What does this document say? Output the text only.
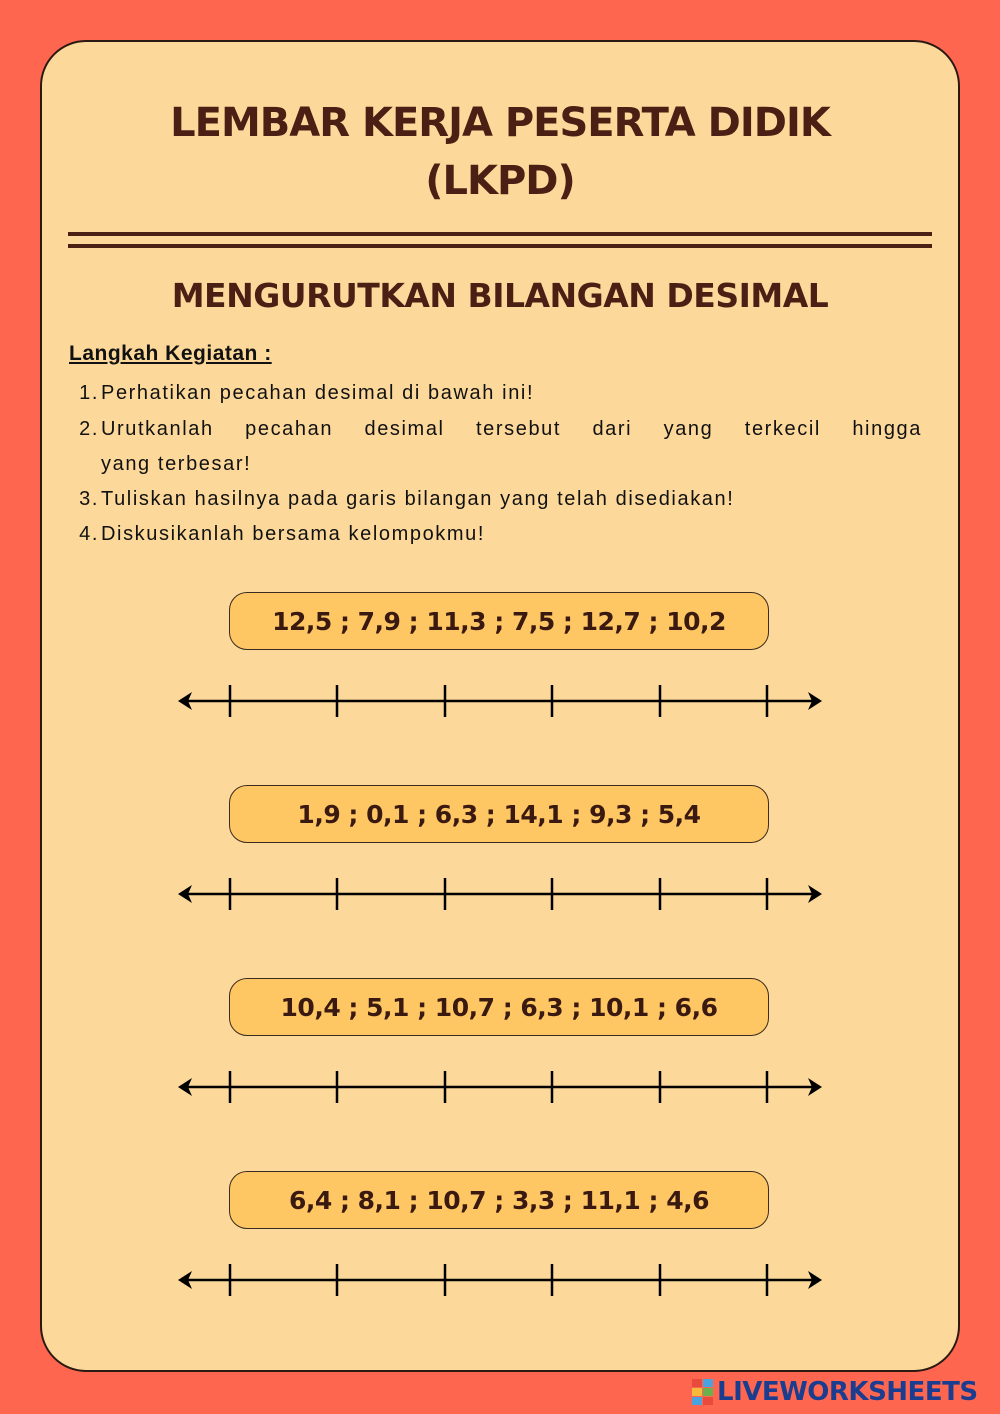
LEMBAR KERJA PESERTA DIDIK
(LKPD)
MENGURUTKAN BILANGAN DESIMAL
Langkah Kegiatan :
1. Perhatikan pecahan desimal di bawah ini!
2. Urutkanlah pecahan desimal tersebut dari yang terkecil hingga
yang terbesar!
3. Tuliskan hasilnya pada garis bilangan yang telah disediakan!
4. Diskusikanlah bersama kelompokmu!
12,5 ; 7,9 ; 11,3 ; 7,5 ; 12,7 ; 10,2
1,9 ; 0,1 ; 6,3 ; 14,1 ; 9,3 ; 5,4
10,4 ; 5,1 ; 10,7 ; 6,3 ; 10,1 ; 6,6
6,4 ; 8,1 ; 10,7 ; 3,3 ; 11,1 ; 4,6
LIVEWORKSHEETS
